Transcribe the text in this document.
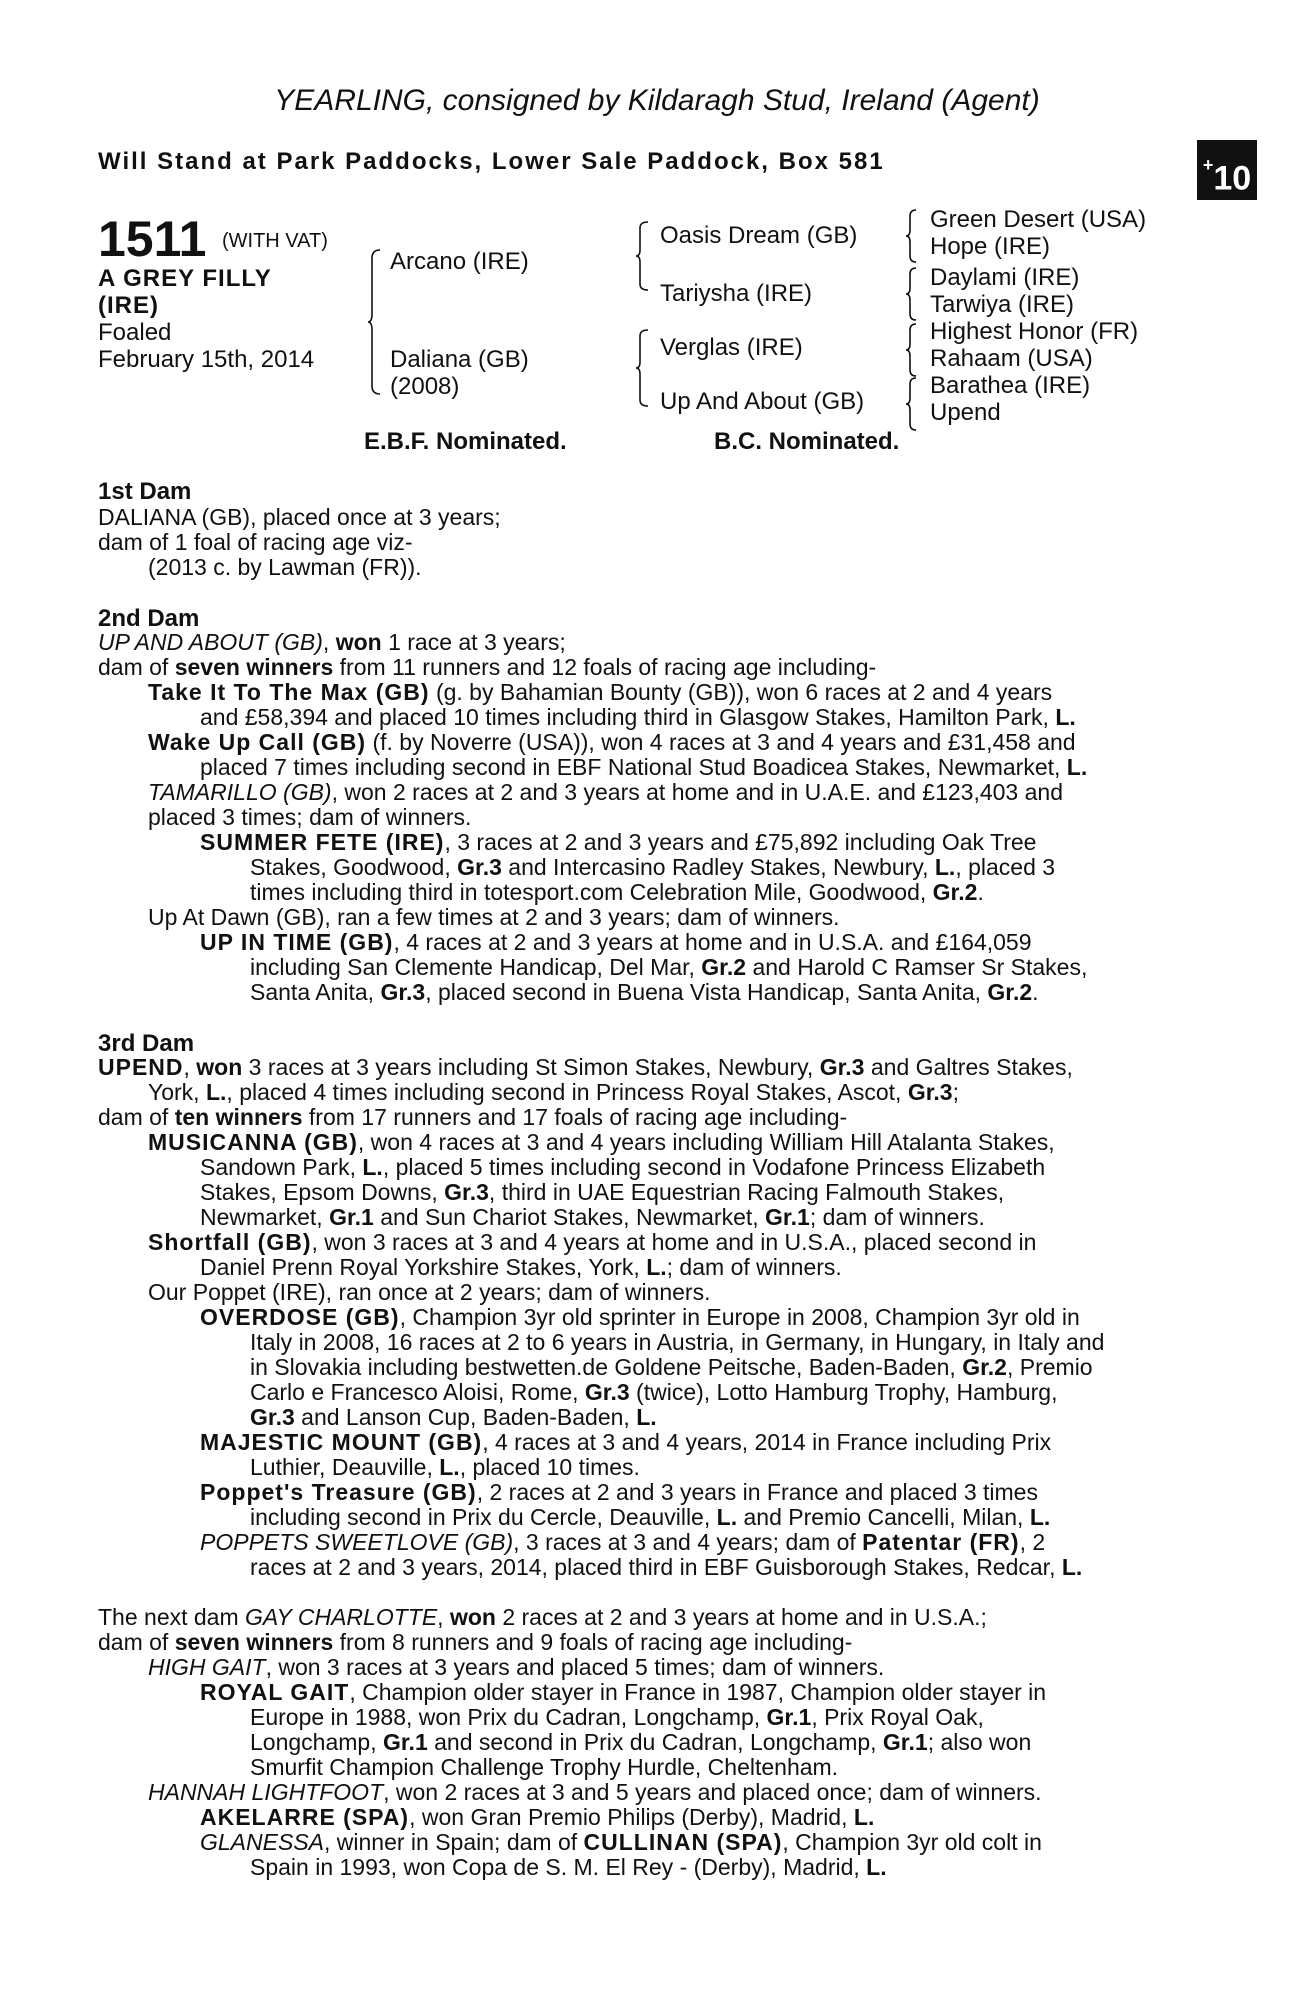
YEARLING, consigned by Kildaragh Stud, Ireland (Agent)
Will Stand at Park Paddocks, Lower Sale Paddock, Box 581	+10
1511 (WITH VAT)
A GREY FILLY
(IRE)
Foaled
February 15th, 2014
Arcano (IRE)
Daliana (GB)
(2008)
Oasis Dream (GB)
Tariysha (IRE)
Verglas (IRE)
Up And About (GB)
Green Desert (USA)
Hope (IRE)
Daylami (IRE)
Tarwiya (IRE)
Highest Honor (FR)
Rahaam (USA)
Barathea (IRE)
Upend
E.B.F. Nominated.	B.C. Nominated.
1st Dam
DALIANA (GB), placed once at 3 years;
dam of 1 foal of racing age viz-
(2013 c. by Lawman (FR)).
2nd Dam
UP AND ABOUT (GB), won 1 race at 3 years;
dam of seven winners from 11 runners and 12 foals of racing age including-
Take It To The Max (GB) (g. by Bahamian Bounty (GB)), won 6 races at 2 and 4 years
and £58,394 and placed 10 times including third in Glasgow Stakes, Hamilton Park, L.
Wake Up Call (GB) (f. by Noverre (USA)), won 4 races at 3 and 4 years and £31,458 and
placed 7 times including second in EBF National Stud Boadicea Stakes, Newmarket, L.
TAMARILLO (GB), won 2 races at 2 and 3 years at home and in U.A.E. and £123,403 and
placed 3 times; dam of winners.
SUMMER FETE (IRE), 3 races at 2 and 3 years and £75,892 including Oak Tree
Stakes, Goodwood, Gr.3 and Intercasino Radley Stakes, Newbury, L., placed 3
times including third in totesport.com Celebration Mile, Goodwood, Gr.2.
Up At Dawn (GB), ran a few times at 2 and 3 years; dam of winners.
UP IN TIME (GB), 4 races at 2 and 3 years at home and in U.S.A. and £164,059
including San Clemente Handicap, Del Mar, Gr.2 and Harold C Ramser Sr Stakes,
Santa Anita, Gr.3, placed second in Buena Vista Handicap, Santa Anita, Gr.2.
3rd Dam
UPEND, won 3 races at 3 years including St Simon Stakes, Newbury, Gr.3 and Galtres Stakes,
York, L., placed 4 times including second in Princess Royal Stakes, Ascot, Gr.3;
dam of ten winners from 17 runners and 17 foals of racing age including-
MUSICANNA (GB), won 4 races at 3 and 4 years including William Hill Atalanta Stakes,
Sandown Park, L., placed 5 times including second in Vodafone Princess Elizabeth
Stakes, Epsom Downs, Gr.3, third in UAE Equestrian Racing Falmouth Stakes,
Newmarket, Gr.1 and Sun Chariot Stakes, Newmarket, Gr.1; dam of winners.
Shortfall (GB), won 3 races at 3 and 4 years at home and in U.S.A., placed second in
Daniel Prenn Royal Yorkshire Stakes, York, L.; dam of winners.
Our Poppet (IRE), ran once at 2 years; dam of winners.
OVERDOSE (GB), Champion 3yr old sprinter in Europe in 2008, Champion 3yr old in
Italy in 2008, 16 races at 2 to 6 years in Austria, in Germany, in Hungary, in Italy and
in Slovakia including bestwetten.de Goldene Peitsche, Baden-Baden, Gr.2, Premio
Carlo e Francesco Aloisi, Rome, Gr.3 (twice), Lotto Hamburg Trophy, Hamburg,
Gr.3 and Lanson Cup, Baden-Baden, L.
MAJESTIC MOUNT (GB), 4 races at 3 and 4 years, 2014 in France including Prix
Luthier, Deauville, L., placed 10 times.
Poppet's Treasure (GB), 2 races at 2 and 3 years in France and placed 3 times
including second in Prix du Cercle, Deauville, L. and Premio Cancelli, Milan, L.
POPPETS SWEETLOVE (GB), 3 races at 3 and 4 years; dam of Patentar (FR), 2
races at 2 and 3 years, 2014, placed third in EBF Guisborough Stakes, Redcar, L.
The next dam GAY CHARLOTTE, won 2 races at 2 and 3 years at home and in U.S.A.;
dam of seven winners from 8 runners and 9 foals of racing age including-
HIGH GAIT, won 3 races at 3 years and placed 5 times; dam of winners.
ROYAL GAIT, Champion older stayer in France in 1987, Champion older stayer in
Europe in 1988, won Prix du Cadran, Longchamp, Gr.1, Prix Royal Oak,
Longchamp, Gr.1 and second in Prix du Cadran, Longchamp, Gr.1; also won
Smurfit Champion Challenge Trophy Hurdle, Cheltenham.
HANNAH LIGHTFOOT, won 2 races at 3 and 5 years and placed once; dam of winners.
AKELARRE (SPA), won Gran Premio Philips (Derby), Madrid, L.
GLANESSA, winner in Spain; dam of CULLINAN (SPA), Champion 3yr old colt in
Spain in 1993, won Copa de S. M. El Rey - (Derby), Madrid, L.
